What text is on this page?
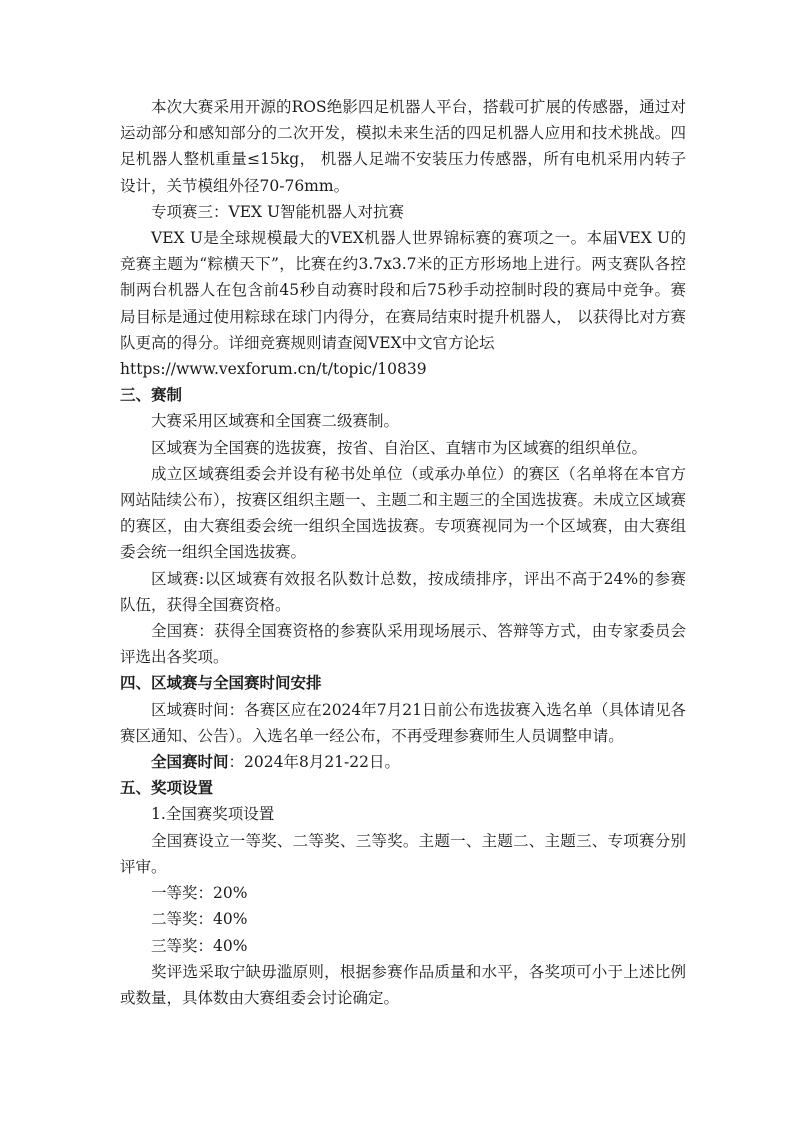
本次大赛采用开源的ROS绝影四足机器人平台，搭载可扩展的传感器，通过对运动部分和感知部分的二次开发，模拟未来生活的四足机器人应用和技术挑战。四足机器人整机重量≤15kg， 机器人足端不安装压力传感器，所有电机采用内转子设计，关节模组外径70-76mm。

专项赛三：VEX U智能机器人对抗赛

VEX U是全球规模最大的VEX机器人世界锦标赛的赛项之一。本届VEX U的竞赛主题为“粽横天下”，比赛在约3.7x3.7米的正方形场地上进行。两支赛队各控制两台机器人在包含前45秒自动赛时段和后75秒手动控制时段的赛局中竞争。赛局目标是通过使用粽球在球门内得分，在赛局结束时提升机器人， 以获得比对方赛队更高的得分。详细竞赛规则请查阅VEX中文官方论坛

https://www.vexforum.cn/t/topic/10839

三、赛制

大赛采用区域赛和全国赛二级赛制。

区域赛为全国赛的选拔赛，按省、自治区、直辖市为区域赛的组织单位。

成立区域赛组委会并设有秘书处单位（或承办单位）的赛区（名单将在本官方网站陆续公布），按赛区组织主题一、主题二和主题三的全国选拔赛。未成立区域赛的赛区，由大赛组委会统一组织全国选拔赛。专项赛视同为一个区域赛，由大赛组委会统一组织全国选拔赛。

区域赛:以区域赛有效报名队数计总数，按成绩排序，评出不高于24%的参赛队伍，获得全国赛资格。

全国赛：获得全国赛资格的参赛队采用现场展示、答辩等方式，由专家委员会评选出各奖项。

四、区域赛与全国赛时间安排

区域赛时间：各赛区应在2024年7月21日前公布选拔赛入选名单（具体请见各赛区通知、公告）。入选名单一经公布，不再受理参赛师生人员调整申请。

全国赛时间：2024年8月21-22日。

五、奖项设置

1.全国赛奖项设置

全国赛设立一等奖、二等奖、三等奖。主题一、主题二、主题三、专项赛分别评审。

一等奖：20%

二等奖：40%

三等奖：40%

奖评选采取宁缺毋滥原则，根据参赛作品质量和水平，各奖项可小于上述比例或数量，具体数由大赛组委会讨论确定。
